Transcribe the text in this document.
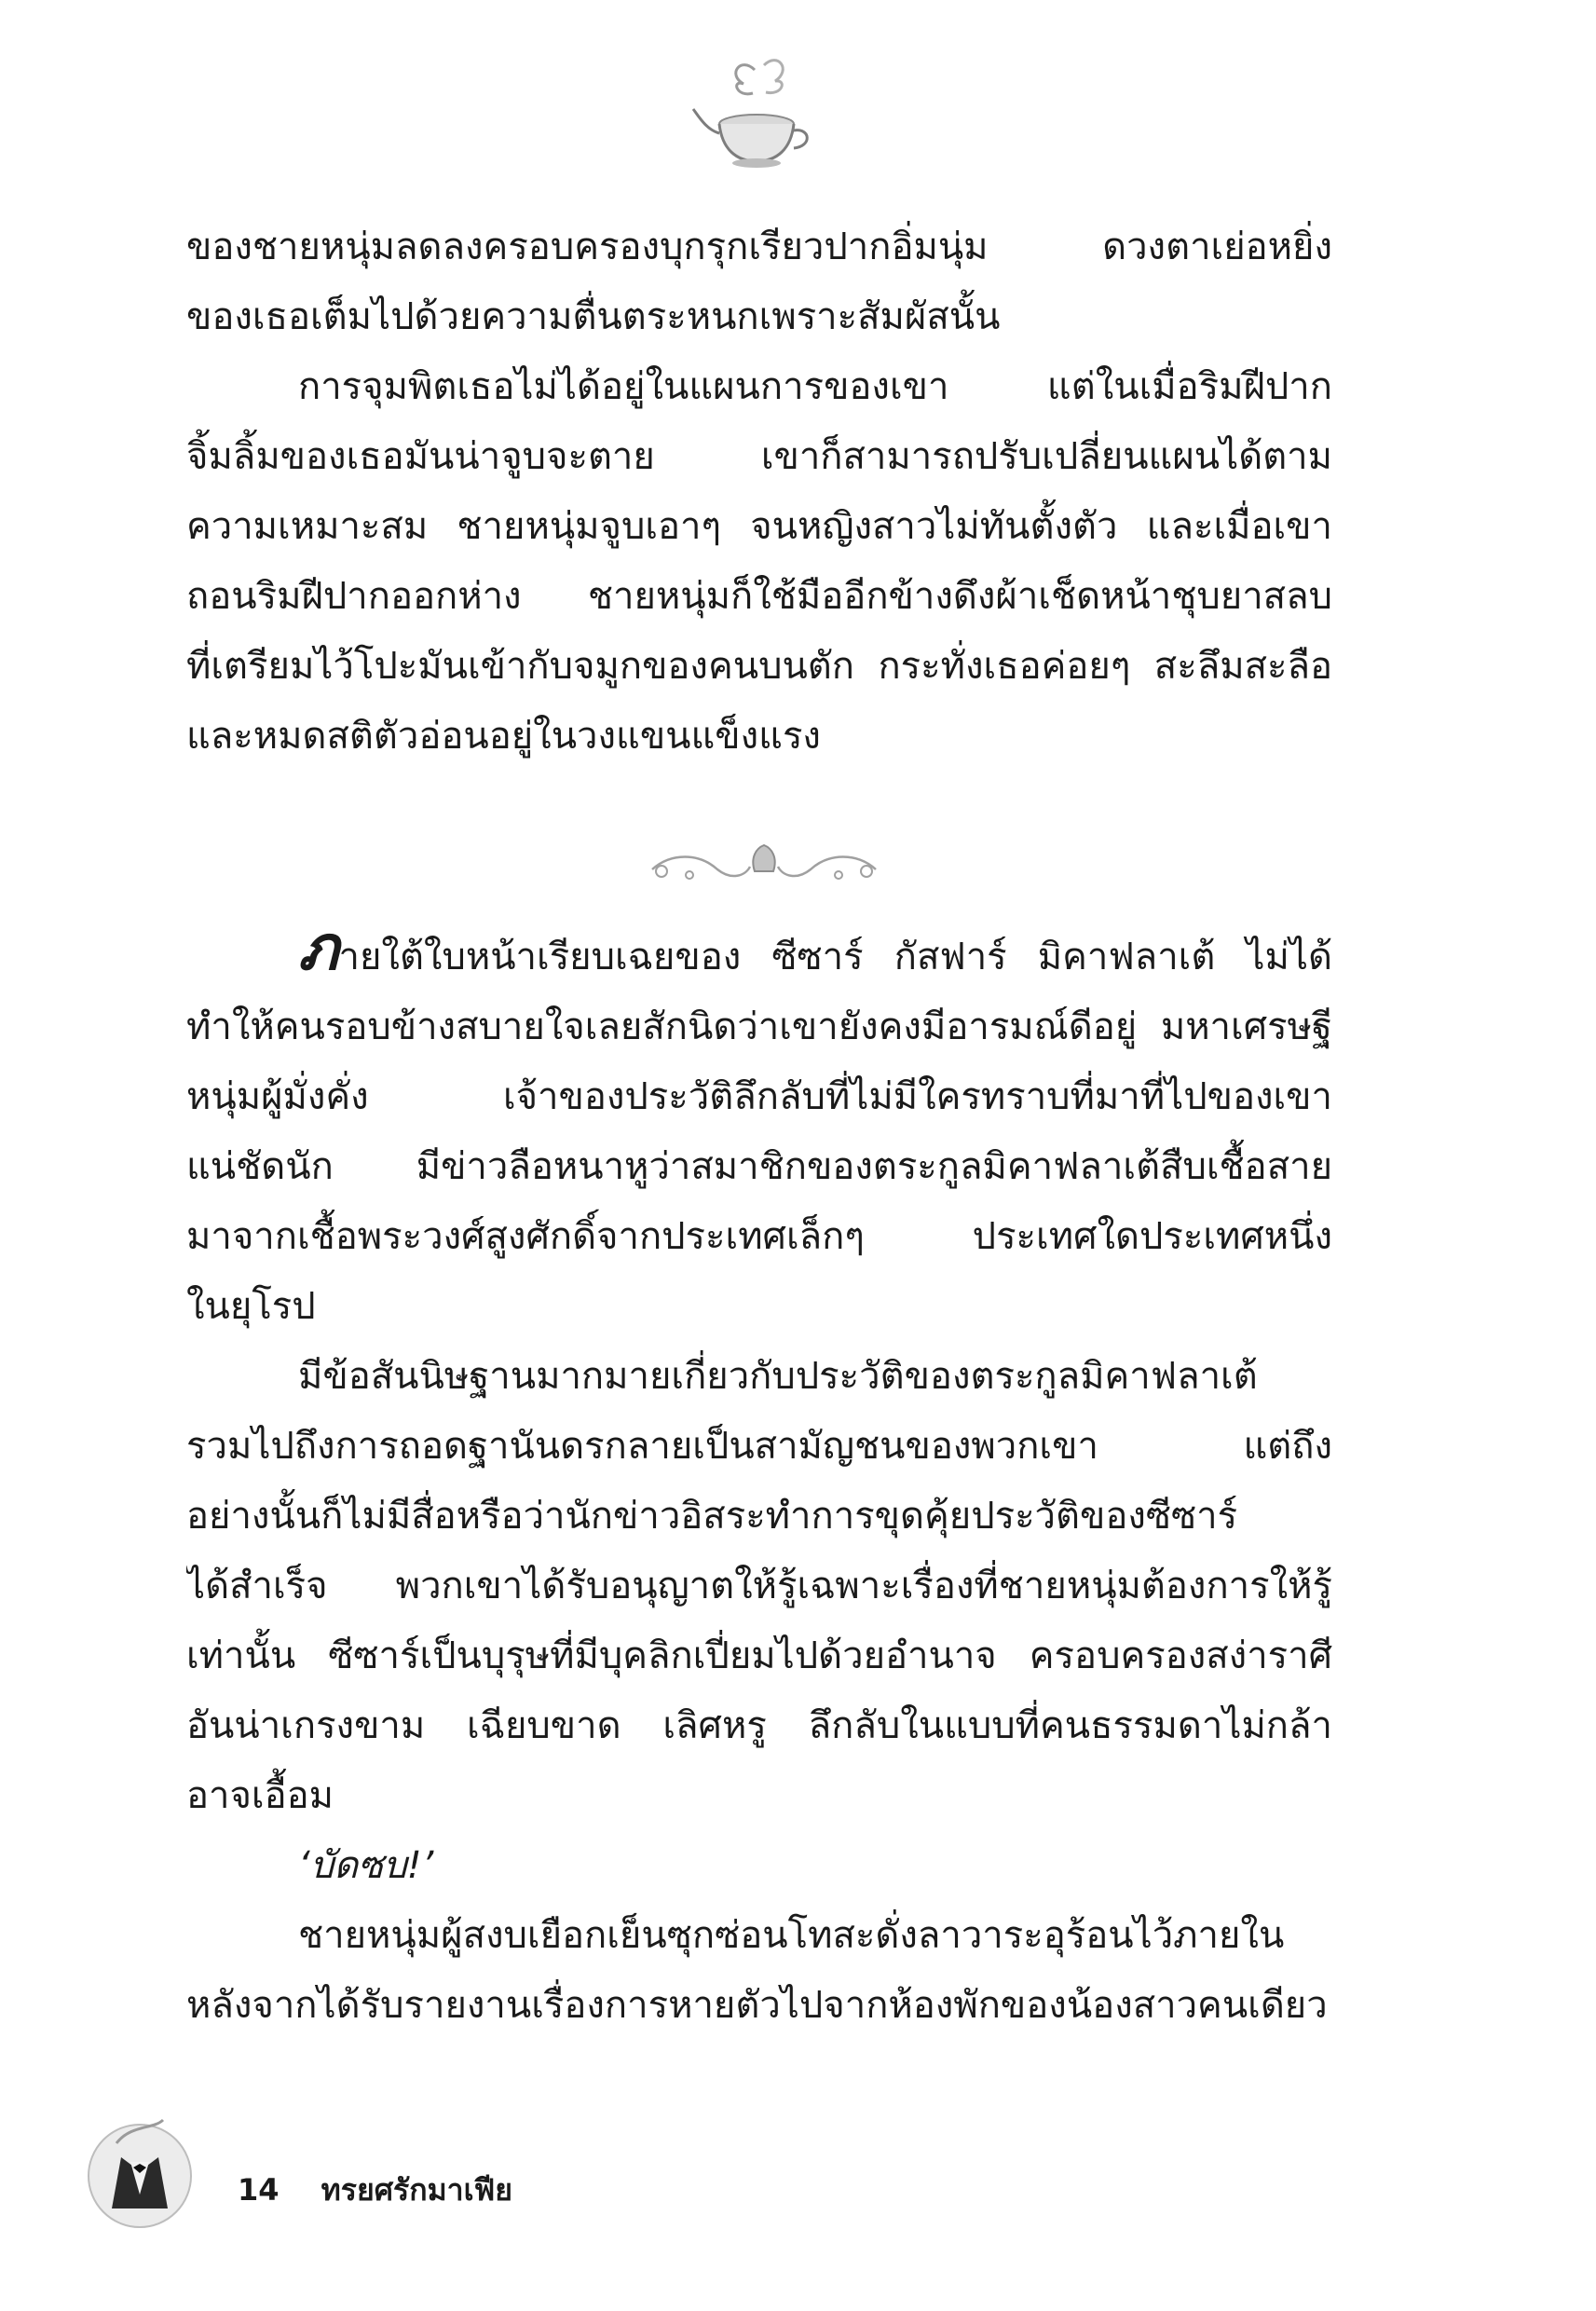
ของชายหนุ่มลดลงครอบครองบุกรุกเรียวปากอิ่มนุ่ม ดวงตาเย่อหยิ่ง
ของเธอเต็มไปด้วยความตื่นตระหนกเพราะสัมผัสนั้น
การจุมพิตเธอไม่ได้อยู่ในแผนการของเขา แต่ในเมื่อริมฝีปาก
จิ้มลิ้มของเธอมันน่าจูบจะตาย เขาก็สามารถปรับเปลี่ยนแผนได้ตาม
ความเหมาะสม ชายหนุ่มจูบเอาๆ จนหญิงสาวไม่ทันตั้งตัว และเมื่อเขา
ถอนริมฝีปากออกห่าง ชายหนุ่มก็ใช้มืออีกข้างดึงผ้าเช็ดหน้าชุบยาสลบ
ที่เตรียมไว้โปะมันเข้ากับจมูกของคนบนตัก กระทั่งเธอค่อยๆ สะลึมสะลือ
และหมดสติตัวอ่อนอยู่ในวงแขนแข็งแรง
ภายใต้ใบหน้าเรียบเฉยของ ซีซาร์ กัสฟาร์ มิคาฟลาเต้ ไม่ได้
ทำให้คนรอบข้างสบายใจเลยสักนิดว่าเขายังคงมีอารมณ์ดีอยู่ มหาเศรษฐี
หนุ่มผู้มั่งคั่ง เจ้าของประวัติลึกลับที่ไม่มีใครทราบที่มาที่ไปของเขา
แน่ชัดนัก มีข่าวลือหนาหูว่าสมาชิกของตระกูลมิคาฟลาเต้สืบเชื้อสาย
มาจากเชื้อพระวงศ์สูงศักดิ์จากประเทศเล็กๆ ประเทศใดประเทศหนึ่ง
ในยุโรป
มีข้อสันนิษฐานมากมายเกี่ยวกับประวัติของตระกูลมิคาฟลาเต้
รวมไปถึงการถอดฐานันดรกลายเป็นสามัญชนของพวกเขา แต่ถึง
อย่างนั้นก็ไม่มีสื่อหรือว่านักข่าวอิสระทำการขุดคุ้ยประวัติของซีซาร์
ได้สำเร็จ พวกเขาได้รับอนุญาตให้รู้เฉพาะเรื่องที่ชายหนุ่มต้องการให้รู้
เท่านั้น ซีซาร์เป็นบุรุษที่มีบุคลิกเปี่ยมไปด้วยอำนาจ ครอบครองสง่าราศี
อันน่าเกรงขาม เฉียบขาด เลิศหรู ลึกลับในแบบที่คนธรรมดาไม่กล้า
อาจเอื้อม
‘บัดซบ!’
ชายหนุ่มผู้สงบเยือกเย็นซุกซ่อนโทสะดั่งลาวาระอุร้อนไว้ภายใน
หลังจากได้รับรายงานเรื่องการหายตัวไปจากห้องพักของน้องสาวคนเดียว
14 ทรยศรักมาเฟีย
